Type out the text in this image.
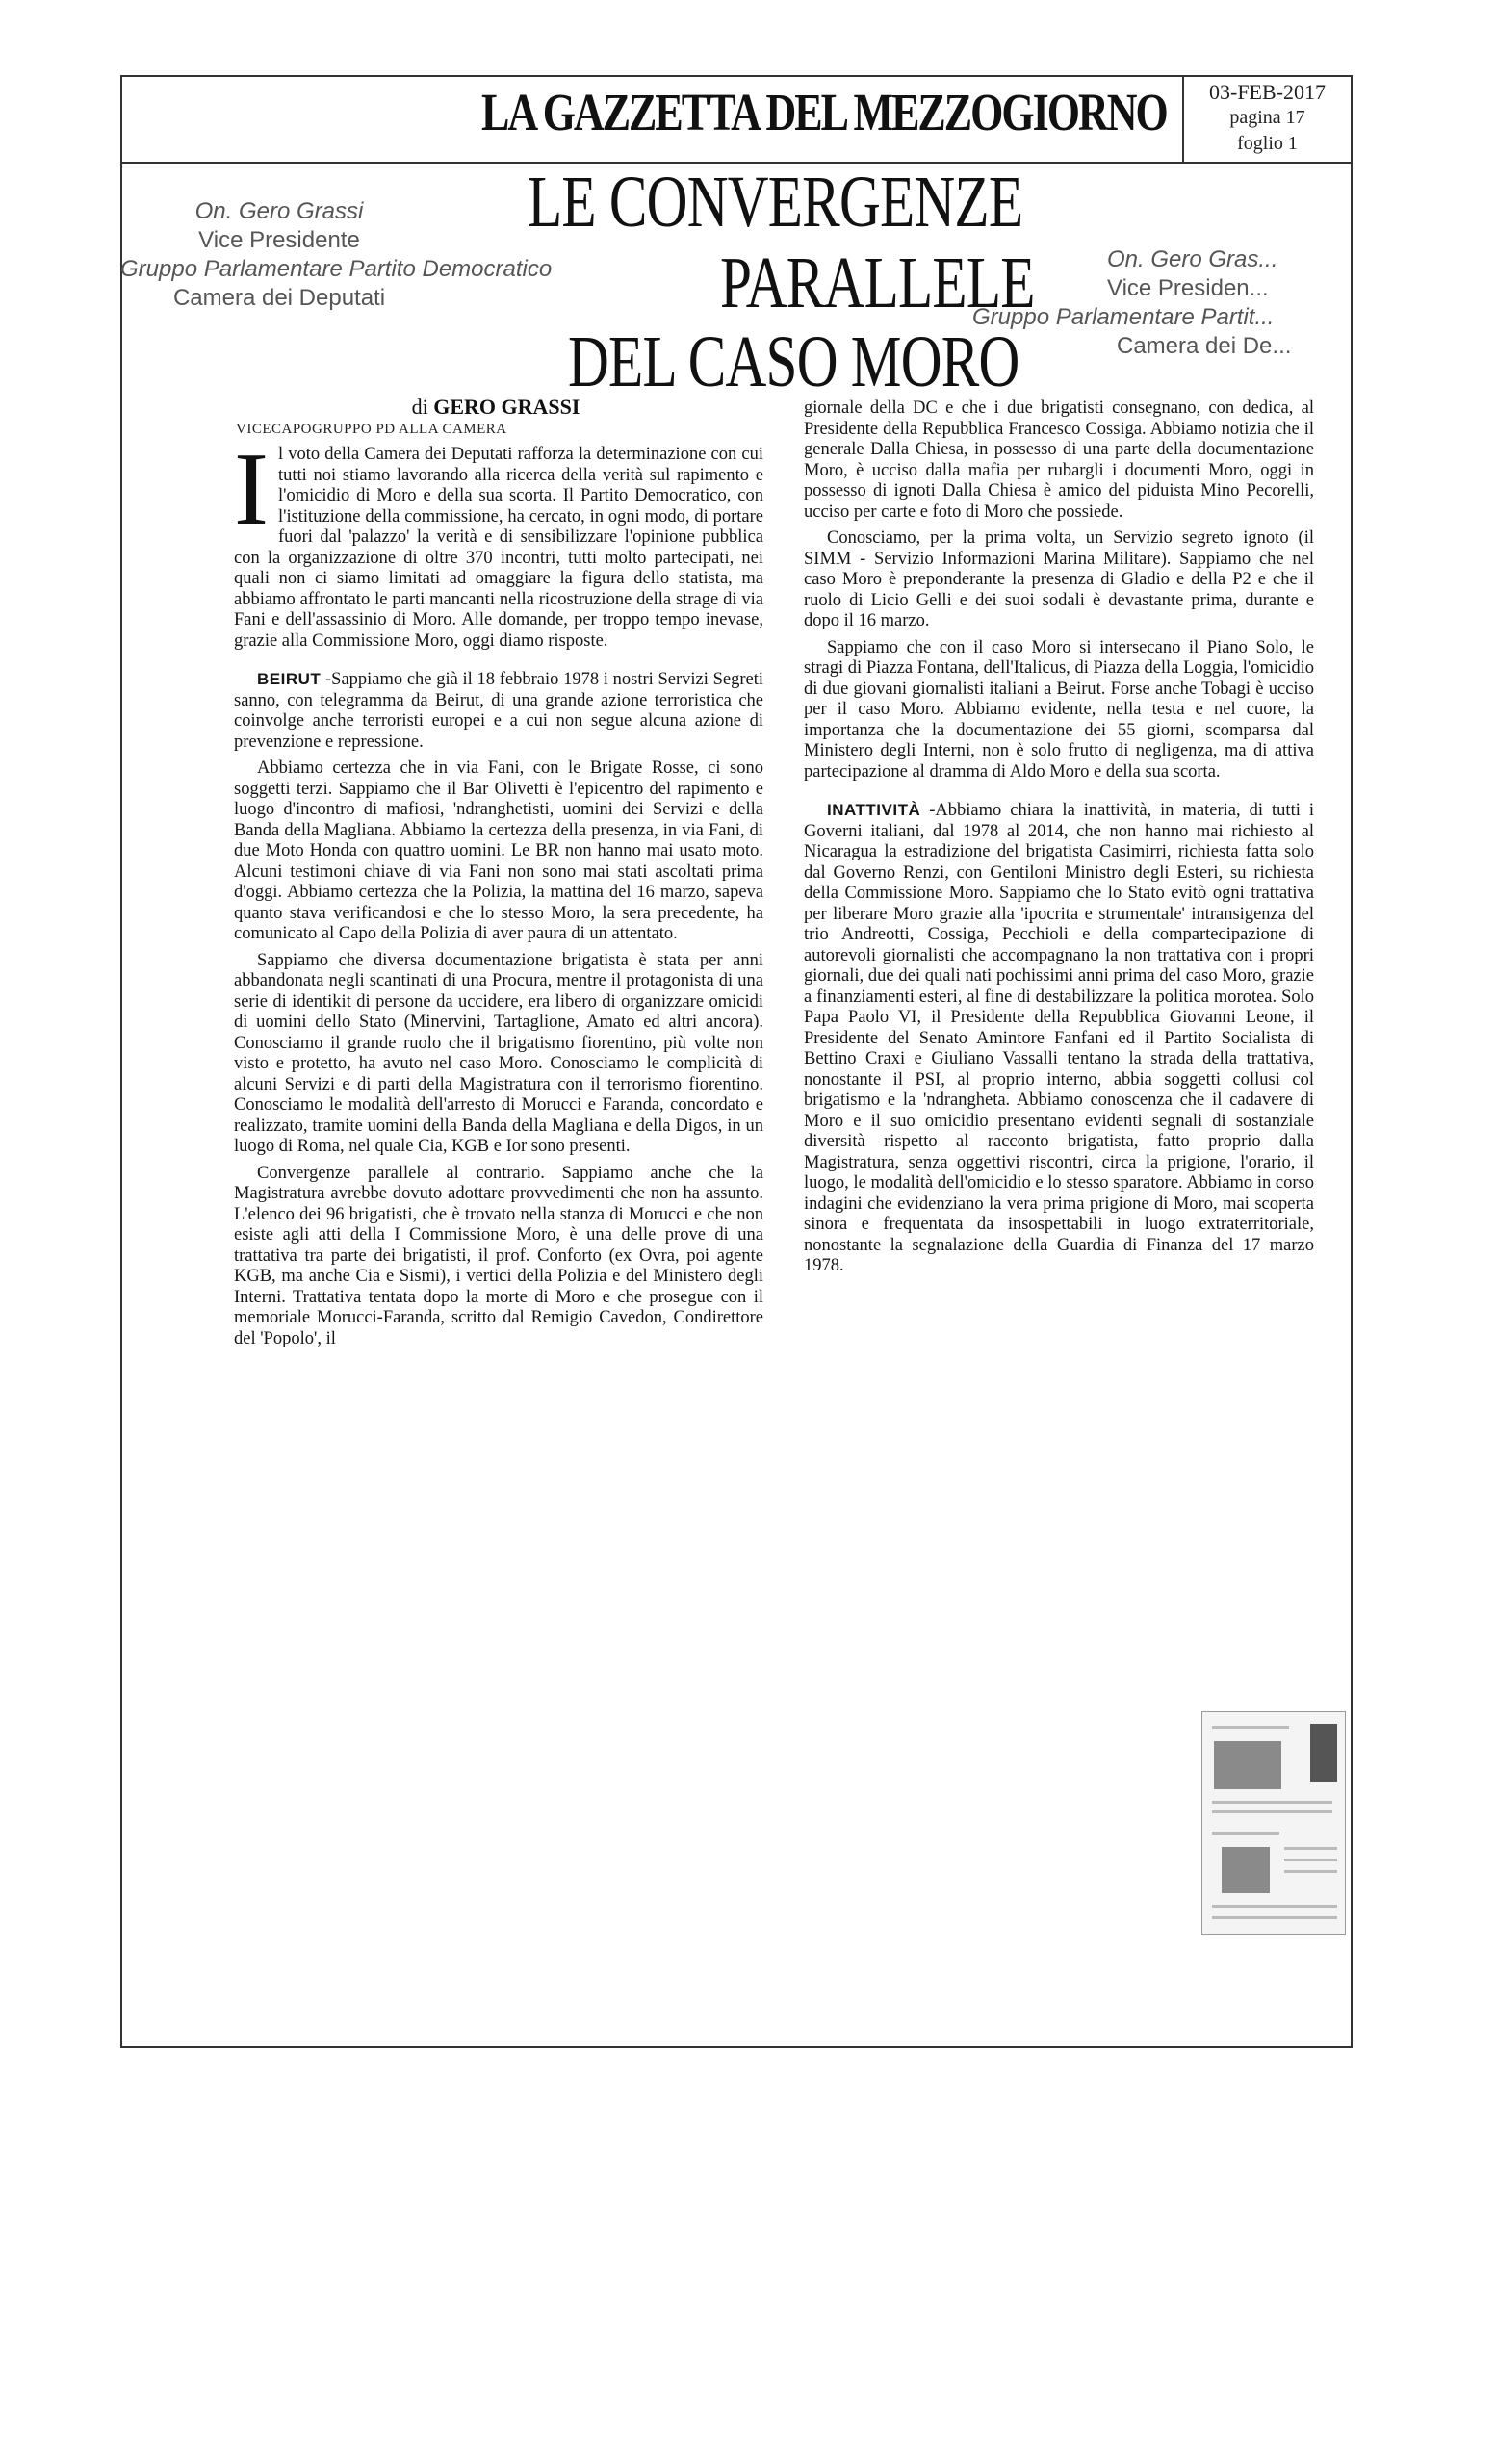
LA GAZZETTA DEL MEZZOGIORNO	03-FEB-2017
pagina 17
foglio 1
On. Gero Grassi
Vice Presidente
Gruppo Parlamentare Partito Democratico
Camera dei Deputati
On. Gero Gras...
Vice Presiden...
Gruppo Parlamentare Partit...
Camera dei De...
LE CONVERGENZE
PARALLELE
DEL CASO MORO
di GERO GRASSI
VICECAPOGRUPPO PD ALLA CAMERA

Il voto della Camera dei Deputati rafforza la determinazione con cui tutti noi stiamo lavorando alla ricerca della verità sul rapimento e l'omicidio di Moro e della sua scorta. Il Partito Democratico, con l'istituzione della commissione, ha cercato, in ogni modo, di portare fuori dal 'palazzo' la verità e di sensibilizzare l'opinione pubblica con la organizzazione di oltre 370 incontri, tutti molto partecipati, nei quali non ci siamo limitati ad omaggiare la figura dello statista, ma abbiamo affrontato le parti mancanti nella ricostruzione della strage di via Fani e dell'assassinio di Moro. Alle domande, per troppo tempo inevase, grazie alla Commissione Moro, oggi diamo risposte.

BEIRUT -Sappiamo che già il 18 febbraio 1978 i nostri Servizi Segreti sanno, con telegramma da Beirut, di una grande azione terroristica che coinvolge anche terroristi europei e a cui non segue alcuna azione di prevenzione e repressione.

Abbiamo certezza che in via Fani, con le Brigate Rosse, ci sono soggetti terzi. Sappiamo che il Bar Olivetti è l'epicentro del rapimento e luogo d'incontro di mafiosi, 'ndranghetisti, uomini dei Servizi e della Banda della Magliana. Abbiamo la certezza della presenza, in via Fani, di due Moto Honda con quattro uomini. Le BR non hanno mai usato moto. Alcuni testimoni chiave di via Fani non sono mai stati ascoltati prima d'oggi. Abbiamo certezza che la Polizia, la mattina del 16 marzo, sapeva quanto stava verificandosi e che lo stesso Moro, la sera precedente, ha comunicato al Capo della Polizia di aver paura di un attentato.

Sappiamo che diversa documentazione brigatista è stata per anni abbandonata negli scantinati di una Procura, mentre il protagonista di una serie di identikit di persone da uccidere, era libero di organizzare omicidi di uomini dello Stato (Minervini, Tartaglione, Amato ed altri ancora). Conosciamo il grande ruolo che il brigatismo fiorentino, più volte non visto e protetto, ha avuto nel caso Moro. Conosciamo le complicità di alcuni Servizi e di parti della Magistratura con il terrorismo fiorentino. Conosciamo le modalità dell'arresto di Morucci e Faranda, concordato e realizzato, tramite uomini della Banda della Magliana e della Digos, in un luogo di Roma, nel quale Cia, KGB e Ior sono presenti.

Convergenze parallele al contrario. Sappiamo anche che la Magistratura avrebbe dovuto adottare provvedimenti che non ha assunto. L'elenco dei 96 brigatisti, che è trovato nella stanza di Morucci e che non esiste agli atti della I Commissione Moro, è una delle prove di una trattativa tra parte dei brigatisti, il prof. Conforto (ex Ovra, poi agente KGB, ma anche Cia e Sismi), i vertici della Polizia e del Ministero degli Interni. Trattativa tentata dopo la morte di Moro e che prosegue con il memoriale Morucci-Faranda, scritto dal Remigio Cavedon, Condirettore del 'Popolo', il

giornale della DC e che i due brigatisti consegnano, con dedica, al Presidente della Repubblica Francesco Cossiga. Abbiamo notizia che il generale Dalla Chiesa, in possesso di una parte della documentazione Moro, è ucciso dalla mafia per rubargli i documenti Moro, oggi in possesso di ignoti Dalla Chiesa è amico del piduista Mino Pecorelli, ucciso per carte e foto di Moro che possiede.

Conosciamo, per la prima volta, un Servizio segreto ignoto (il SIMM - Servizio Informazioni Marina Militare). Sappiamo che nel caso Moro è preponderante la presenza di Gladio e della P2 e che il ruolo di Licio Gelli e dei suoi sodali è devastante prima, durante e dopo il 16 marzo.

Sappiamo che con il caso Moro si intersecano il Piano Solo, le stragi di Piazza Fontana, dell'Italicus, di Piazza della Loggia, l'omicidio di due giovani giornalisti italiani a Beirut. Forse anche Tobagi è ucciso per il caso Moro. Abbiamo evidente, nella testa e nel cuore, la importanza che la documentazione dei 55 giorni, scomparsa dal Ministero degli Interni, non è solo frutto di negligenza, ma di attiva partecipazione al dramma di Aldo Moro e della sua scorta.

INATTIVITÀ -Abbiamo chiara la inattività, in materia, di tutti i Governi italiani, dal 1978 al 2014, che non hanno mai richiesto al Nicaragua la estradizione del brigatista Casimirri, richiesta fatta solo dal Governo Renzi, con Gentiloni Ministro degli Esteri, su richiesta della Commissione Moro. Sappiamo che lo Stato evitò ogni trattativa per liberare Moro grazie alla 'ipocrita e strumentale' intransigenza del trio Andreotti, Cossiga, Pecchioli e della compartecipazione di autorevoli giornalisti che accompagnano la non trattativa con i propri giornali, due dei quali nati pochissimi anni prima del caso Moro, grazie a finanziamenti esteri, al fine di destabilizzare la politica morotea. Solo Papa Paolo VI, il Presidente della Repubblica Giovanni Leone, il Presidente del Senato Amintore Fanfani ed il Partito Socialista di Bettino Craxi e Giuliano Vassalli tentano la strada della trattativa, nonostante il PSI, al proprio interno, abbia soggetti collusi col brigatismo e la 'ndrangheta. Abbiamo conoscenza che il cadavere di Moro e il suo omicidio presentano evidenti segnali di sostanziale diversità rispetto al racconto brigatista, fatto proprio dalla Magistratura, senza oggettivi riscontri, circa la prigione, l'orario, il luogo, le modalità dell'omicidio e lo stesso sparatore. Abbiamo in corso indagini che evidenziano la vera prima prigione di Moro, mai scoperta sinora e frequentata da insospettabili in luogo extraterritoriale, nonostante la segnalazione della Guardia di Finanza del 17 marzo 1978.
